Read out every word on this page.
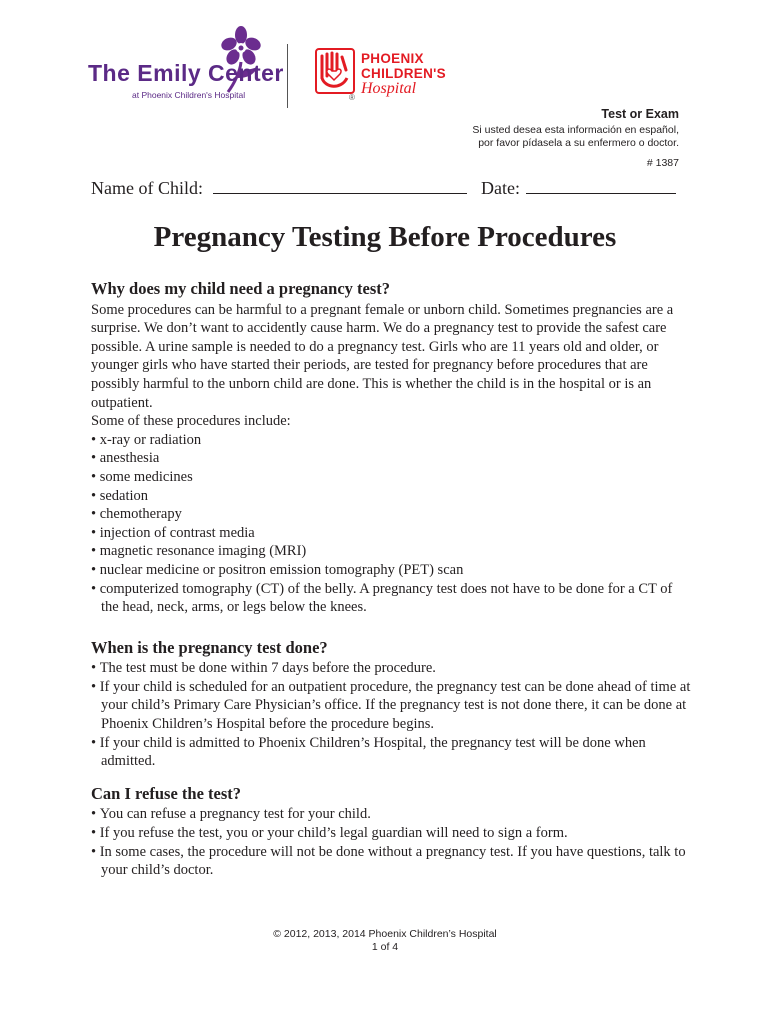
The Emily Center
at Phoenix Children's Hospital
PHOENIX
CHILDREN'S
Hospital
®
Test or Exam
Si usted desea esta información en español,
por favor pídasela a su enfermero o doctor.
# 1387
Name of Child:	Date:
Pregnancy Testing Before Procedures
Why does my child need a pregnancy test?

Some procedures can be harmful to a pregnant female or unborn child. Sometimes pregnancies are a surprise. We don’t want to accidently cause harm. We do a pregnancy test to provide the safest care possible. A urine sample is needed to do a pregnancy test. Girls who are 11 years old and older, or younger girls who have started their periods, are tested for pregnancy before procedures that are possibly harmful to the unborn child are done. This is whether the child is in the hospital or is an outpatient.

Some of these procedures include:

• x-ray or radiation
• anesthesia
• some medicines
• sedation
• chemotherapy
• injection of contrast media
• magnetic resonance imaging (MRI)
• nuclear medicine or positron emission tomography (PET) scan
• computerized tomography (CT) of the belly. A pregnancy test does not have to be done for a CT of the head, neck, arms, or legs below the knees.
When is the pregnancy test done?
• The test must be done within 7 days before the procedure.
• If your child is scheduled for an outpatient procedure, the pregnancy test can be done ahead of time at your child’s Primary Care Physician’s office. If the pregnancy test is not done there, it can be done at Phoenix Children’s Hospital before the procedure begins.
• If your child is admitted to Phoenix Children’s Hospital, the pregnancy test will be done when admitted.
Can I refuse the test?
• You can refuse a pregnancy test for your child.
• If you refuse the test, you or your child’s legal guardian will need to sign a form.
• In some cases, the procedure will not be done without a pregnancy test. If you have questions, talk to your child’s doctor.
© 2012, 2013, 2014 Phoenix Children’s Hospital
1 of 4
